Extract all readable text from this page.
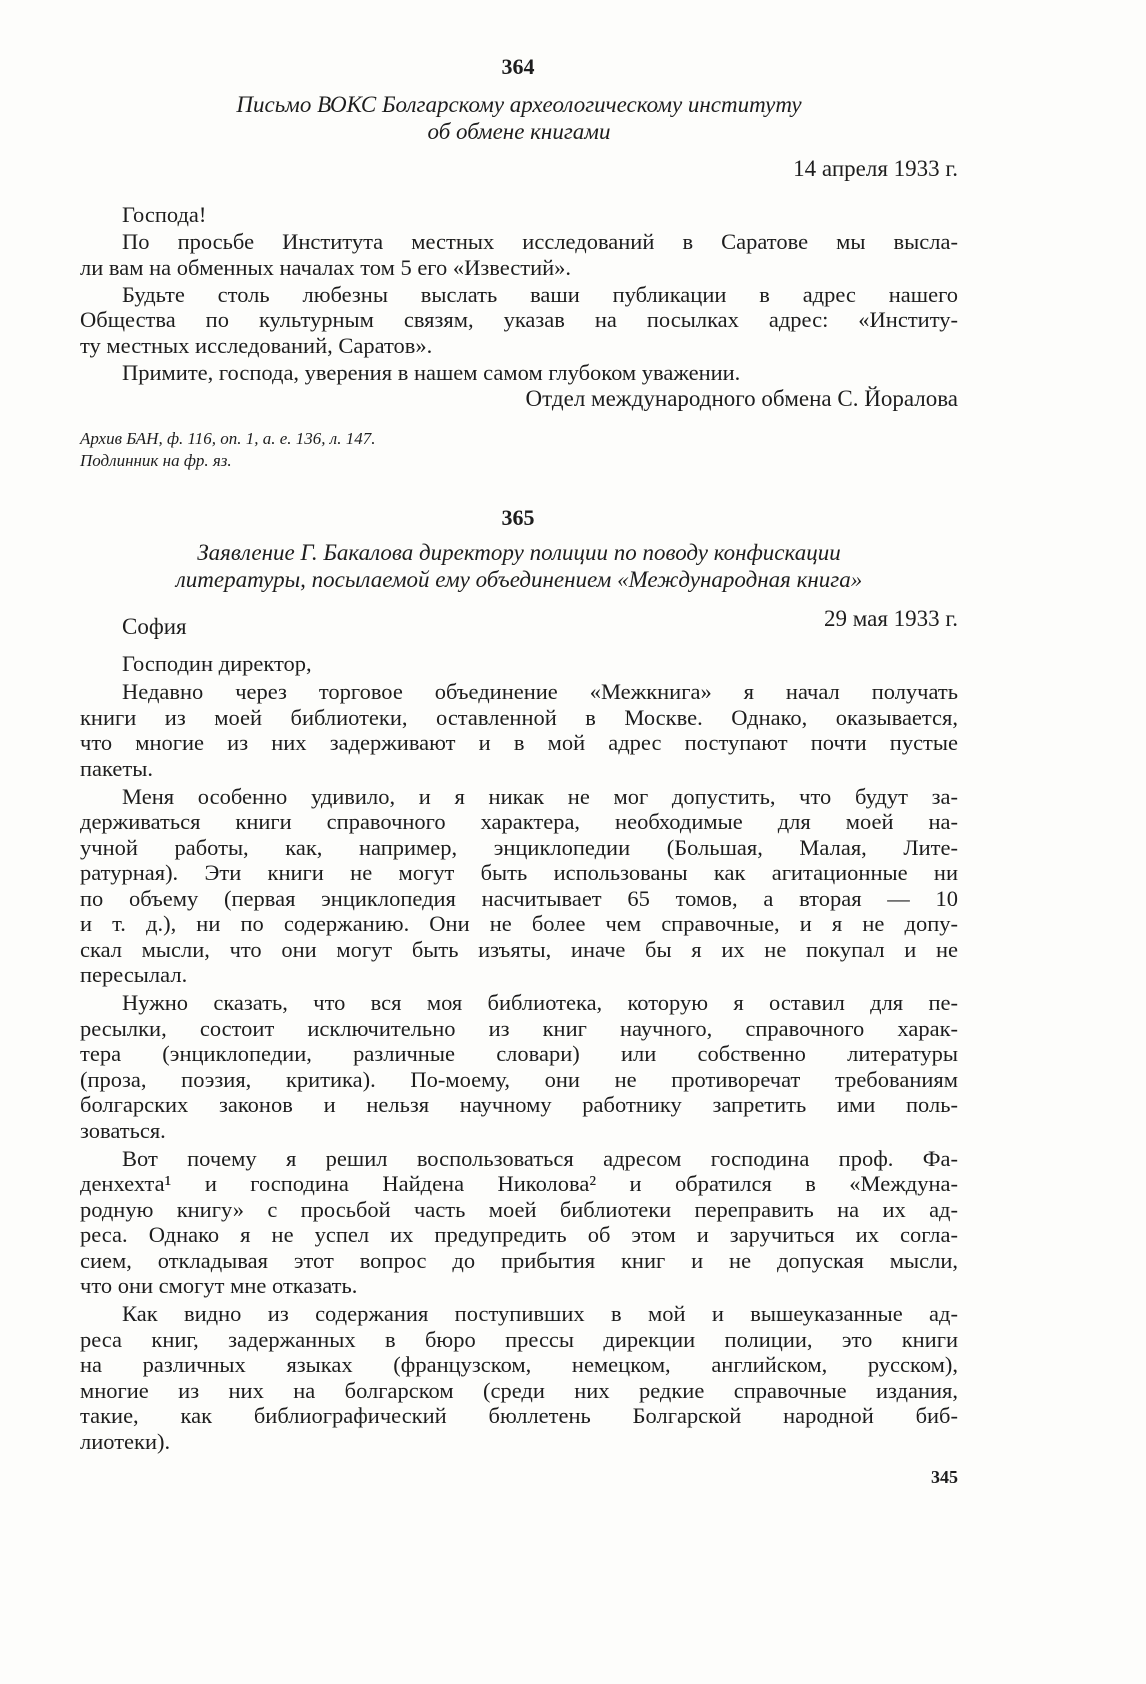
364
Письмо ВОКС Болгарскому археологическому институту
об обмене книгами
14 апреля 1933 г.
Господа!
По просьбе Института местных исследований в Саратове мы высла-
ли вам на обменных началах том 5 его «Известий».
Будьте столь любезны выслать ваши публикации в адрес нашего
Общества по культурным связям, указав на посылках адрес: «Институ-
ту местных исследований, Саратов».
Примите, господа, уверения в нашем самом глубоком уважении.
Отдел международного обмена С. Йоралова
Архив БАН, ф. 116, оп. 1, а. е. 136, л. 147.
Подлинник на фр. яз.
365
Заявление Г. Бакалова директору полиции по поводу конфискации
литературы, посылаемой ему объединением «Международная книга»
София	29 мая 1933 г.
Господин директор,
Недавно через торговое объединение «Межкнига» я начал получать
книги из моей библиотеки, оставленной в Москве. Однако, оказывается,
что многие из них задерживают и в мой адрес поступают почти пустые
пакеты.
Меня особенно удивило, и я никак не мог допустить, что будут за-
держиваться книги справочного характера, необходимые для моей на-
учной работы, как, например, энциклопедии (Большая, Малая, Лите-
ратурная). Эти книги не могут быть использованы как агитационные ни
по объему (первая энциклопедия насчитывает 65 томов, а вторая — 10
и т. д.), ни по содержанию. Они не более чем справочные, и я не допу-
скал мысли, что они могут быть изъяты, иначе бы я их не покупал и не
пересылал.
Нужно сказать, что вся моя библиотека, которую я оставил для пе-
ресылки, состоит исключительно из книг научного, справочного харак-
тера (энциклопедии, различные словари) или собственно литературы
(проза, поэзия, критика). По-моему, они не противоречат требованиям
болгарских законов и нельзя научному работнику запретить ими поль-
зоваться.
Вот почему я решил воспользоваться адресом господина проф. Фа-
денхехта¹ и господина Найдена Николова² и обратился в «Междуна-
родную книгу» с просьбой часть моей библиотеки переправить на их ад-
реса. Однако я не успел их предупредить об этом и заручиться их согла-
сием, откладывая этот вопрос до прибытия книг и не допуская мысли,
что они смогут мне отказать.
Как видно из содержания поступивших в мой и вышеуказанные ад-
реса книг, задержанных в бюро прессы дирекции полиции, это книги
на различных языках (французском, немецком, английском, русском),
многие из них на болгарском (среди них редкие справочные издания,
такие, как библиографический бюллетень Болгарской народной биб-
лиотеки).
345
